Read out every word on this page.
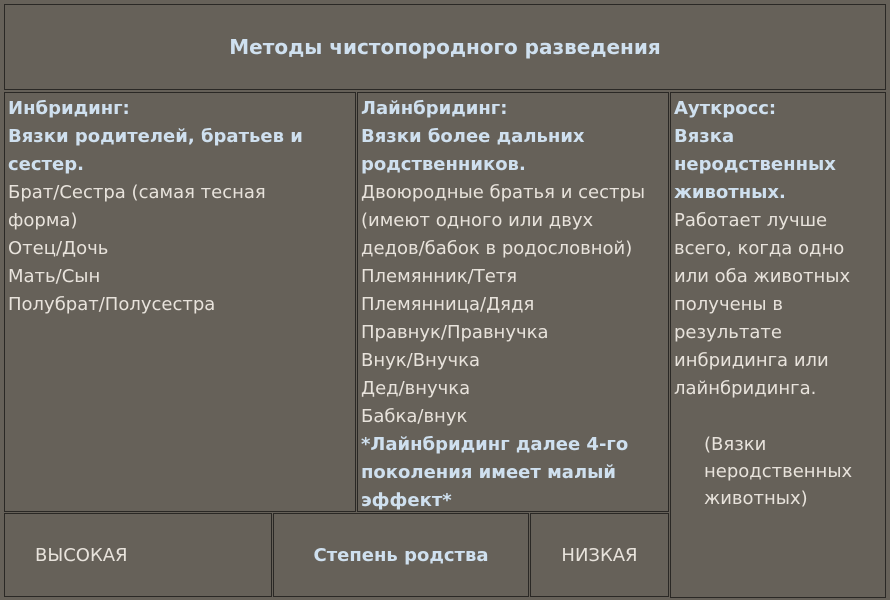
Методы чистопородного разведения
Инбридинг:
Вязки родителей, братьев и
сестер.
Брат/Сестра (самая тесная
форма)
Отец/Дочь
Мать/Сын
Полубрат/Полусестра
Лайнбридинг:
Вязки более дальних
родственников.
Двоюродные братья и сестры
(имеют одного или двух
дедов/бабок в родословной)
Племянник/Тетя
Племянница/Дядя
Правнук/Правнучка
Внук/Внучка
Дед/внучка
Бабка/внук
*Лайнбридинг далее 4-го
поколения имеет малый
эффект*
Ауткросс:
Вязка
неродственных
животных.
Работает лучше
всего, когда одно
или оба животных
получены в
результате
инбридинга или
лайнбридинга.
(Вязки
неродственных
животных)
ВЫСОКАЯ	Степень родства	НИЗКАЯ
